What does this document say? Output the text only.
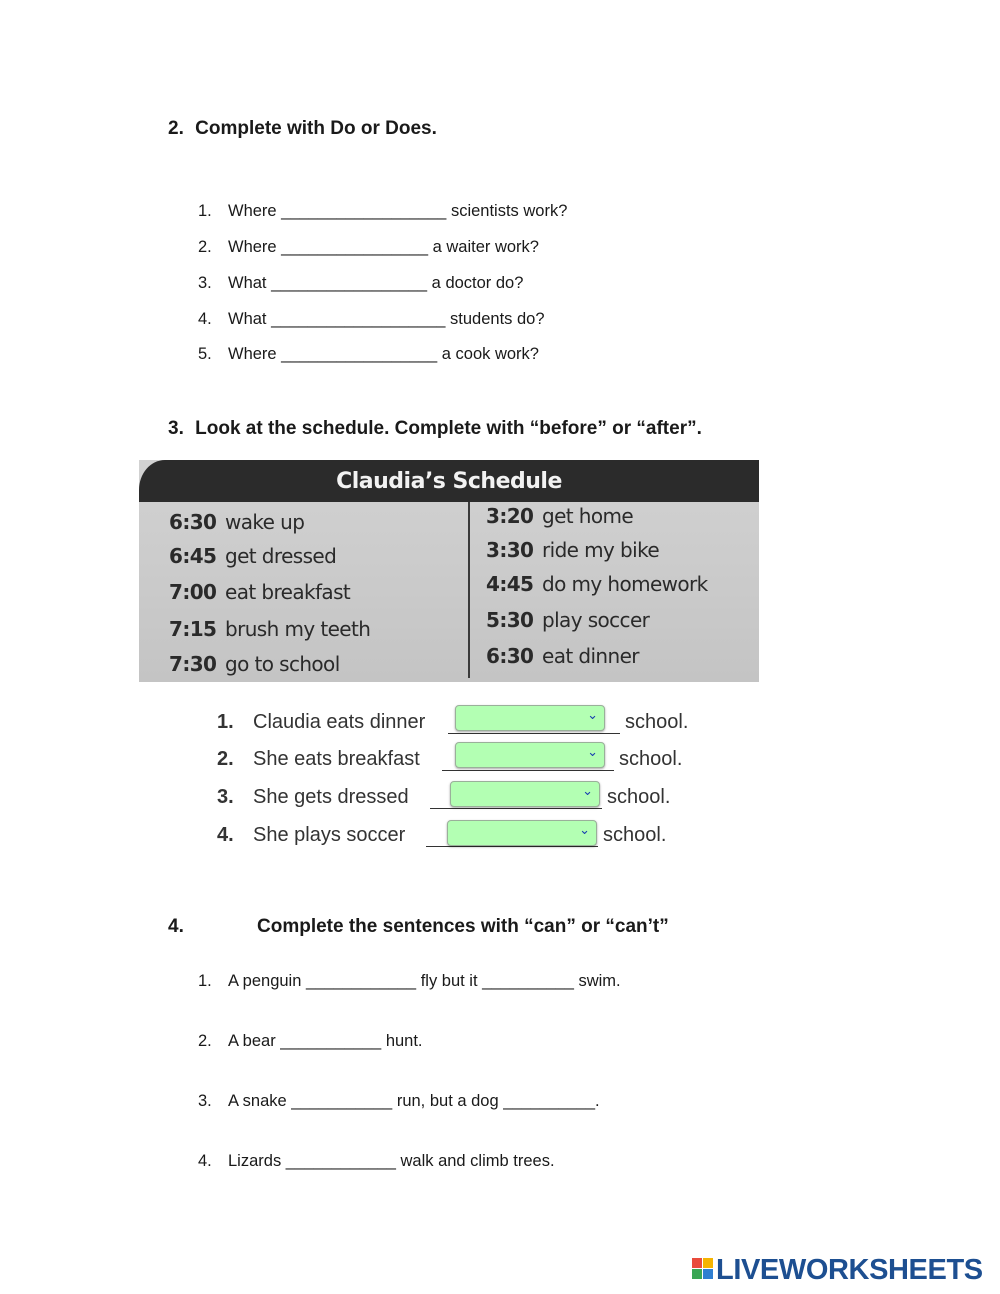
2. Complete with Do or Does.
1. Where __________________ scientists work?
2. Where ________________ a waiter work?
3. What _________________ a doctor do?
4. What ___________________ students do?
5. Where _________________ a cook work?
3. Look at the schedule. Complete with “before” or “after”.
Claudia’s Schedule
6:30 wake up
6:45 get dressed
7:00 eat breakfast
7:15 brush my teeth
7:30 go to school
3:20 get home
3:30 ride my bike
4:45 do my homework
5:30 play soccer
6:30 eat dinner
1. Claudia eats dinner	⌄ school.
2. She eats breakfast	⌄ school.
3. She gets dressed	⌄ school.
4. She plays soccer	⌄ school.
4.	Complete the sentences with “can” or “can’t”
1. A penguin ____________ fly but it __________ swim.
2. A bear ___________ hunt.
3. A snake ___________ run, but a dog __________.
4. Lizards ____________ walk and climb trees.
LIVEWORKSHEETS
